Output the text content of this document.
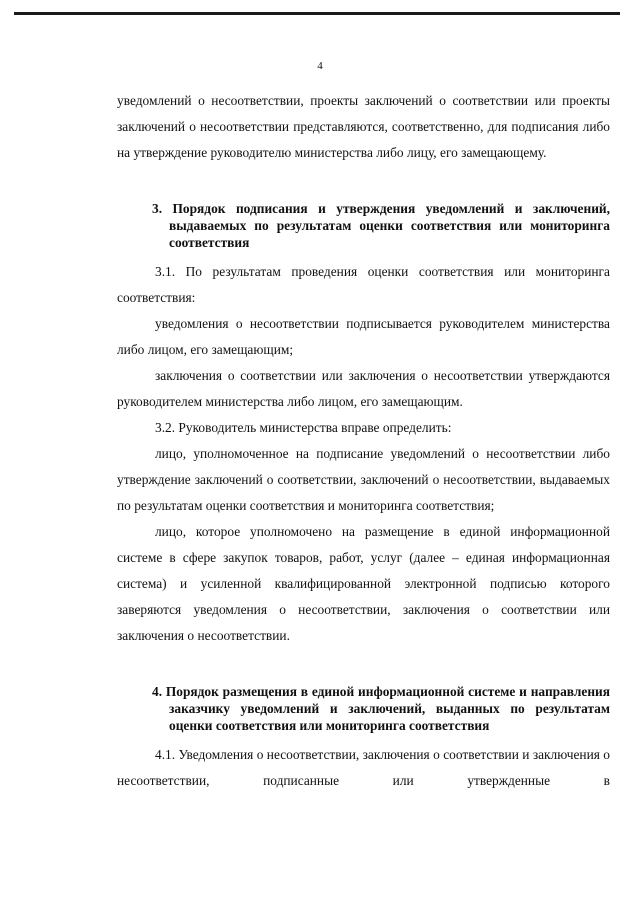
4

уведомлений о несоответствии, проекты заключений о соответствии или проекты заключений о несоответствии представляются, соответственно, для подписания либо на утверждение руководителю министерства либо лицу, его замещающему.

3. Порядок подписания и утверждения уведомлений и заключений, выдаваемых по результатам оценки соответствия или мониторинга соответствия

3.1. По результатам проведения оценки соответствия или мониторинга соответствия:

уведомления о несоответствии подписывается руководителем министерства либо лицом, его замещающим;

заключения о соответствии или заключения о несоответствии утверждаются руководителем министерства либо лицом, его замещающим.

3.2. Руководитель министерства вправе определить:

лицо, уполномоченное на подписание уведомлений о несоответствии либо утверждение заключений о соответствии, заключений о несоответствии, выдаваемых по результатам оценки соответствия и мониторинга соответствия;

лицо, которое уполномочено на размещение в единой информационной системе в сфере закупок товаров, работ, услуг (далее – единая информационная система) и усиленной квалифицированной электронной подписью которого заверяются уведомления о несоответствии, заключения о соответствии или заключения о несоответствии.

4. Порядок размещения в единой информационной системе и направления заказчику уведомлений и заключений, выданных по результатам оценки соответствия или мониторинга соответствия

4.1. Уведомления о несоответствии, заключения о соответствии и заключения о несоответствии, подписанные или утвержденные в
